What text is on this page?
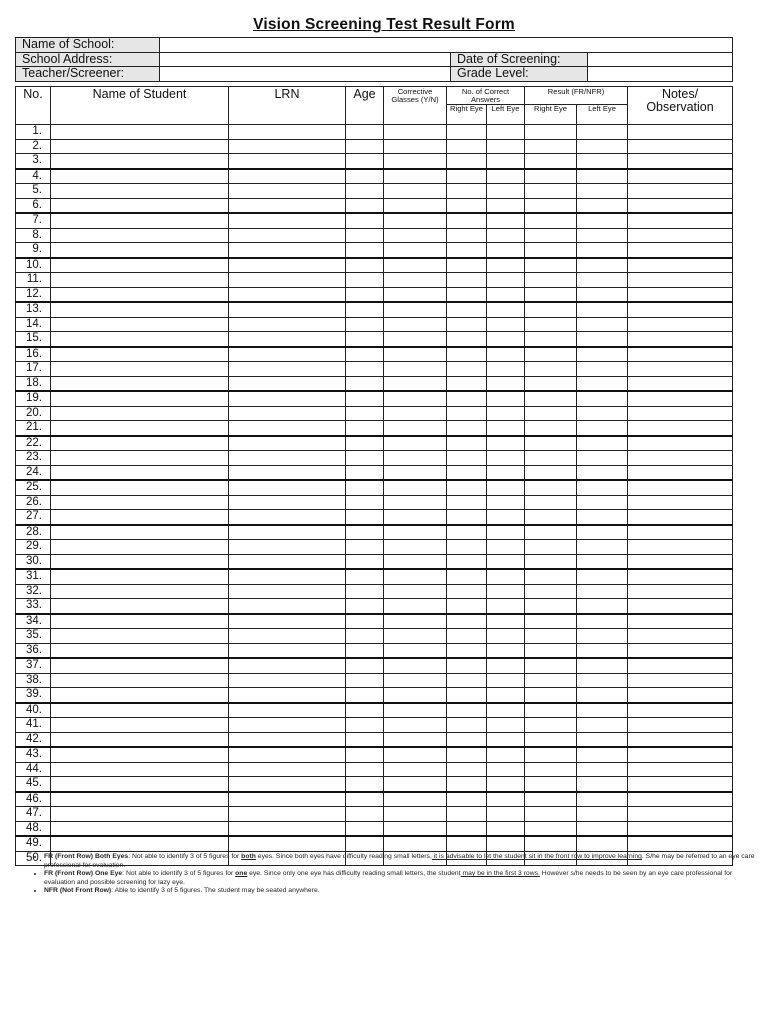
Vision Screening Test Result Form
Name of School:			
School Address:		Date of Screening:	
Teacher/Screener:		Grade Level:	
No.	Name of Student	LRN	Age	Corrective Glasses (Y/N)	No. of Correct Answers		Result (FR/NFR)		Notes/ Observation
					Right Eye	Left Eye	Right Eye	Left Eye	
1.									
2.									
3.									
4.									
5.									
6.									
7.									
8.									
9.									
10.									
11.									
12.									
13.									
14.									
15.									
16.									
17.									
18.									
19.									
20.									
21.									
22.									
23.									
24.									
25.									
26.									
27.									
28.									
29.									
30.									
31.									
32.									
33.									
34.									
35.									
36.									
37.									
38.									
39.									
40.									
41.									
42.									
43.									
44.									
45.									
46.									
47.									
48.									
49.									
50.									• FR (Front Row) Both Eyes: Not able to identify 3 of 5 figures for both eyes. Since both eyes have difficulty reading small letters, it is advisable to let the student sit in the front row to improve learning. S/he may be referred to an eye care professional for evaluation.
• FR (Front Row) One Eye: Not able to identify 3 of 5 figures for one eye. Since only one eye has difficulty reading small letters, the student may be in the first 3 rows. However s/he needs to be seen by an eye care professional for evaluation and possible screening for lazy eye.
• NFR (Not Front Row): Able to identify 3 of 5 figures. The student may be seated anywhere.
